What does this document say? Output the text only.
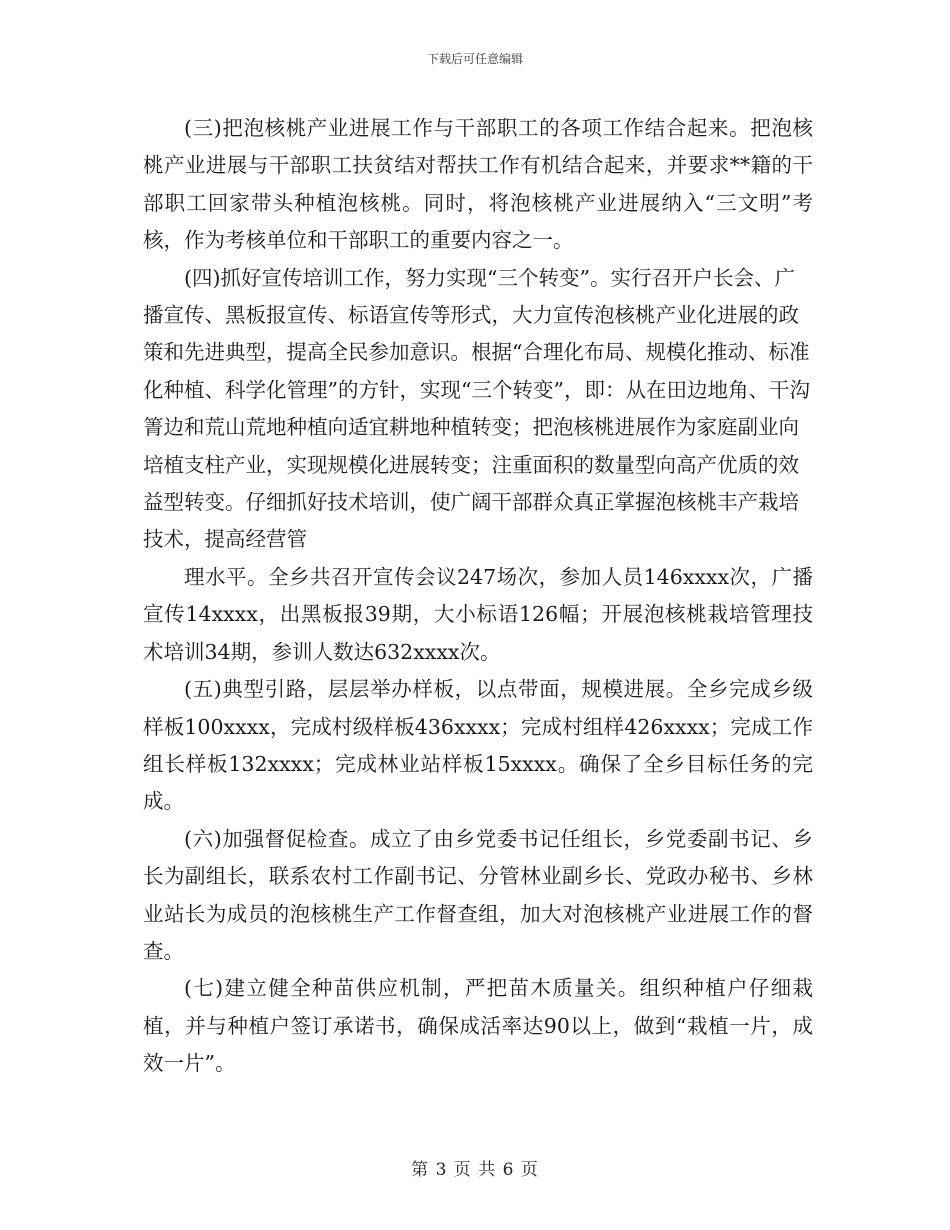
下载后可任意编辑

(三)把泡核桃产业进展工作与干部职工的各项工作结合起来。把泡核桃产业进展与干部职工扶贫结对帮扶工作有机结合起来，并要求**籍的干部职工回家带头种植泡核桃。同时，将泡核桃产业进展纳入“三文明”考核，作为考核单位和干部职工的重要内容之一。

(四)抓好宣传培训工作，努力实现“三个转变”。实行召开户长会、广播宣传、黑板报宣传、标语宣传等形式，大力宣传泡核桃产业化进展的政策和先进典型，提高全民参加意识。根据“合理化布局、规模化推动、标准化种植、科学化管理”的方针，实现“三个转变”，即：从在田边地角、干沟箐边和荒山荒地种植向适宜耕地种植转变；把泡核桃进展作为家庭副业向培植支柱产业，实现规模化进展转变；注重面积的数量型向高产优质的效益型转变。仔细抓好技术培训，使广阔干部群众真正掌握泡核桃丰产栽培技术，提高经营管

理水平。全乡共召开宣传会议247场次，参加人员146xxxx次，广播宣传14xxxx，出黑板报39期，大小标语126幅；开展泡核桃栽培管理技术培训34期，参训人数达632xxxx次。

(五)典型引路，层层举办样板，以点带面，规模进展。全乡完成乡级样板100xxxx，完成村级样板436xxxx；完成村组样426xxxx；完成工作组长样板132xxxx；完成林业站样板15xxxx。确保了全乡目标任务的完成。

(六)加强督促检查。成立了由乡党委书记任组长，乡党委副书记、乡长为副组长，联系农村工作副书记、分管林业副乡长、党政办秘书、乡林业站长为成员的泡核桃生产工作督查组，加大对泡核桃产业进展工作的督查。

(七)建立健全种苗供应机制，严把苗木质量关。组织种植户仔细栽植，并与种植户签订承诺书，确保成活率达90以上，做到“栽植一片，成效一片”。

第 3 页 共 6 页
